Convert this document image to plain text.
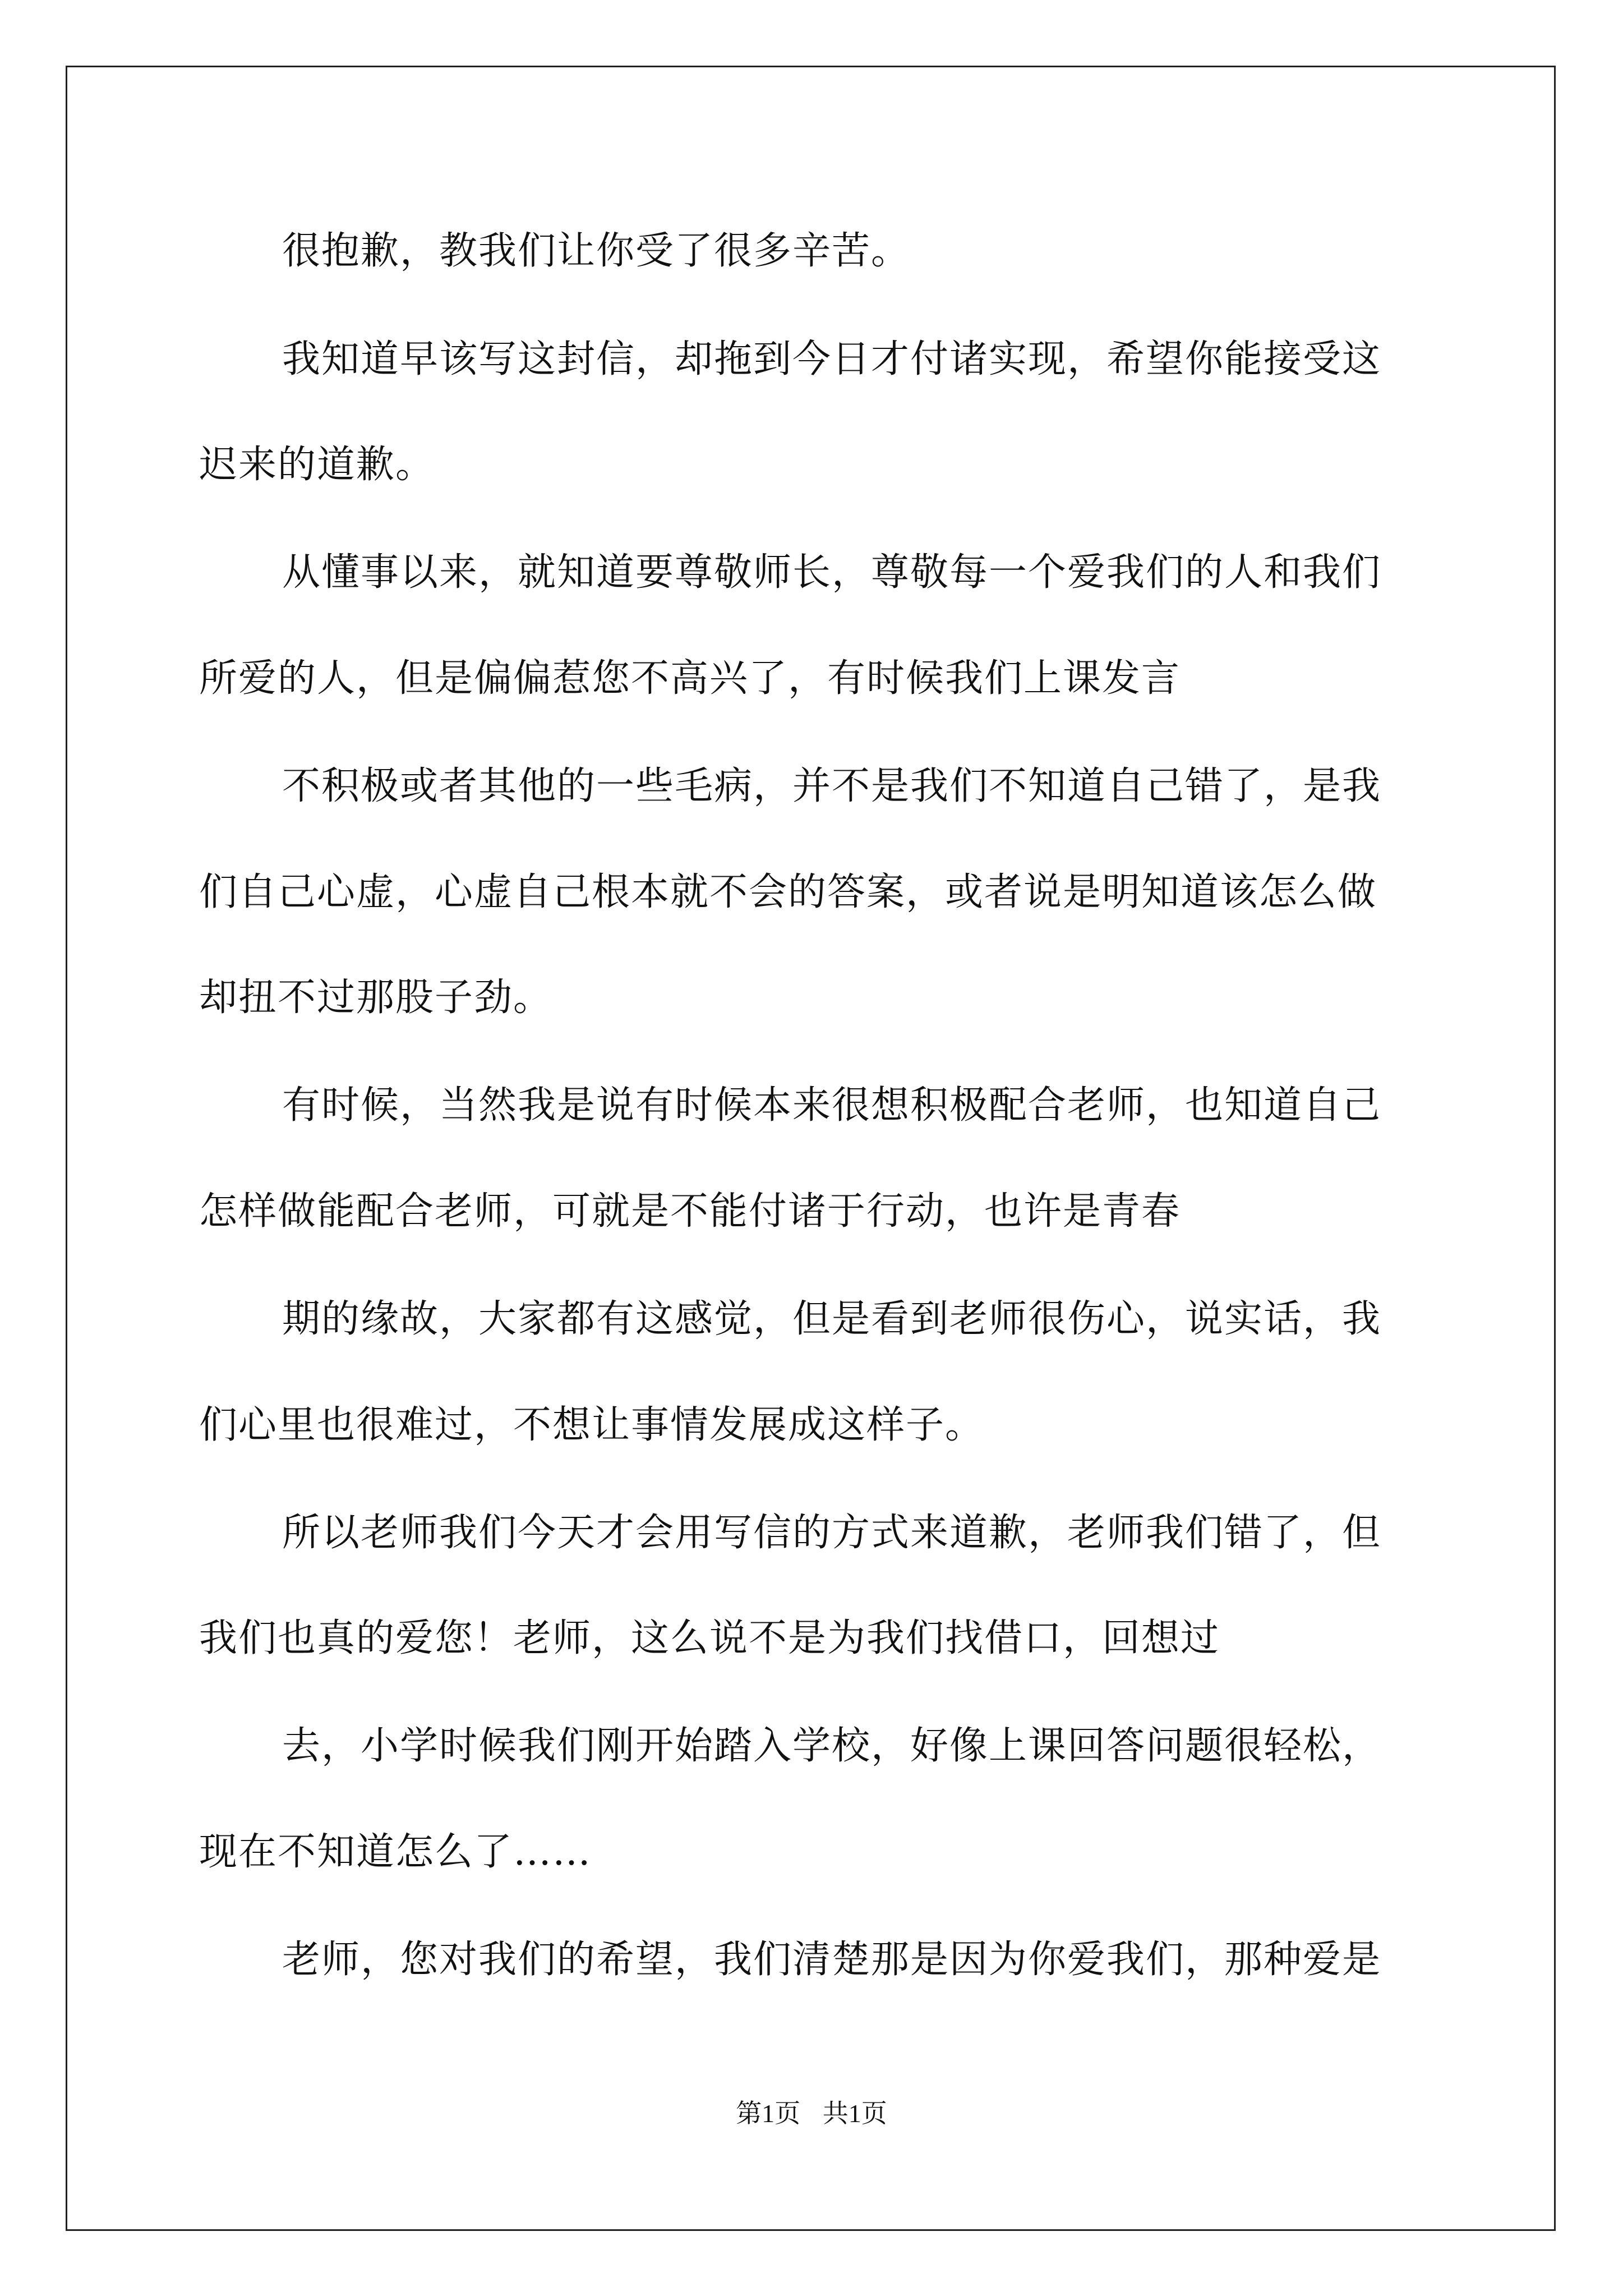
很抱歉，教我们让你受了很多辛苦。
我知道早该写这封信，却拖到今日才付诸实现，希望你能接受这
迟来的道歉。
从懂事以来，就知道要尊敬师长，尊敬每一个爱我们的人和我们
所爱的人，但是偏偏惹您不高兴了，有时候我们上课发言
不积极或者其他的一些毛病，并不是我们不知道自己错了，是我
们自己心虚，心虚自己根本就不会的答案，或者说是明知道该怎么做
却扭不过那股子劲。
有时候，当然我是说有时候本来很想积极配合老师，也知道自己
怎样做能配合老师，可就是不能付诸于行动，也许是青春
期的缘故，大家都有这感觉，但是看到老师很伤心，说实话，我
们心里也很难过，不想让事情发展成这样子。
所以老师我们今天才会用写信的方式来道歉，老师我们错了，但
我们也真的爱您！老师，这么说不是为我们找借口，回想过
去，小学时候我们刚开始踏入学校，好像上课回答问题很轻松，
现在不知道怎么了……
老师，您对我们的希望，我们清楚那是因为你爱我们，那种爱是
第1页 共1页
